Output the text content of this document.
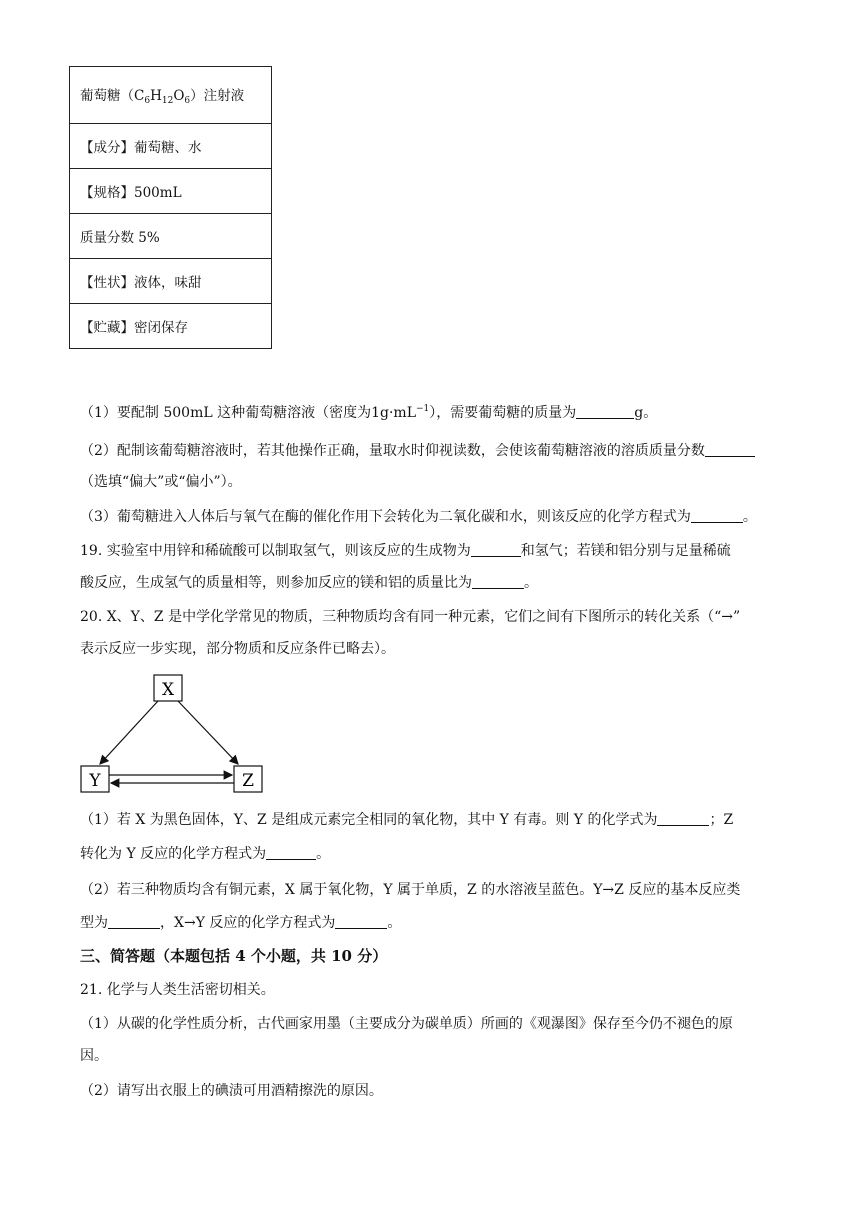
葡萄糖$(C_6H_{12}O_6)$注射液
【成分】葡萄糖、水
【规格】500mL
质量分数 5%
【性状】液体，味甜
【贮藏】密闭保存
（1）要配制 500mL 这种葡萄糖溶液（密度为$1g\cdot mL^{-1}$），需要葡萄糖的质量为	g。
（2）配制该葡萄糖溶液时，若其他操作正确，量取水时仰视读数，会使该葡萄糖溶液的溶质质量分数
（选填“偏大”或“偏小”）。
（3）葡萄糖进入人体后与氧气在酶的催化作用下会转化为二氧化碳和水，则该反应的化学方程式为	。
19. 实验室中用锌和稀硫酸可以制取氢气，则该反应的生成物为	和氢气；若镁和铝分别与足量稀硫
酸反应，生成氢气的质量相等，则参加反应的镁和铝的质量比为	。
20. X、Y、Z 是中学化学常见的物质，三种物质均含有同一种元素，它们之间有下图所示的转化关系（“→”
表示反应一步实现，部分物质和反应条件已略去）。
X
Y	Z
（1）若 X 为黑色固体，Y、Z 是组成元素完全相同的氧化物，其中 Y 有毒。则 Y 的化学式为	；Z
转化为 Y 反应的化学方程式为	。
（2）若三种物质均含有铜元素，X 属于氧化物，Y 属于单质，Z 的水溶液呈蓝色。Y→Z 反应的基本反应类
型为	，X→Y 反应的化学方程式为	。
三、简答题（本题包括 4 个小题，共 10 分）
21. 化学与人类生活密切相关。
（1）从碳的化学性质分析，古代画家用墨（主要成分为碳单质）所画的《观瀑图》保存至今仍不褪色的原
因。
（2）请写出衣服上的碘渍可用酒精擦洗的原因。
